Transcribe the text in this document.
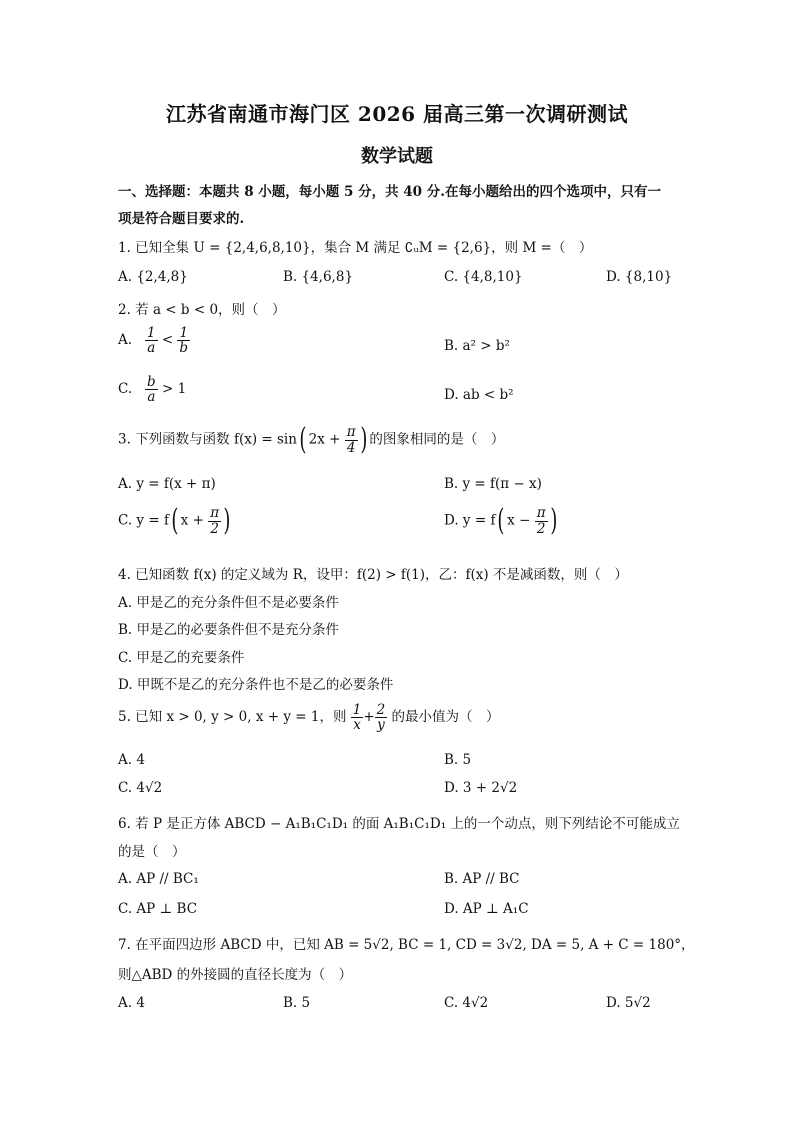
江苏省南通市海门区 2026 届高三第一次调研测试
数学试题
一、选择题：本题共 8 小题，每小题 5 分，共 40 分.在每小题给出的四个选项中，只有一
项是符合题目要求的.
1. 已知全集 U = {2,4,6,8,10}，集合 M 满足 ∁ᵤM = {2,6}，则 M =（　）
A. {2,4,8}	B. {4,6,8}	C. {4,8,10}	D. {8,10}
2. 若 a < b < 0，则（　）
A. $\frac{1}{a} < \frac{1}{b}$	B. a² > b²
C. $\frac{b}{a} > 1$	D. ab < b²
3. 下列函数与函数 f(x) = sin( $2x + \frac{\pi}{4}$ ) 的图象相同的是（　）
A. y = f(x + π)	B. y = f(π − x)
C. y = f( $x + \frac{\pi}{2}$ )	D. y = f( $x - \frac{\pi}{2}$ )
4. 已知函数 f(x) 的定义域为 R，设甲：f(2) > f(1)，乙：f(x) 不是减函数，则（　）
A. 甲是乙的充分条件但不是必要条件
B. 甲是乙的必要条件但不是充分条件
C. 甲是乙的充要条件
D. 甲既不是乙的充分条件也不是乙的必要条件
5. 已知 x > 0, y > 0, x + y = 1，则 $\frac{1}{x} + \frac{2}{y}$ 的最小值为（　）
A. 4	B. 5
C. 4√2	D. 3 + 2√2
6. 若 P 是正方体 ABCD − A₁B₁C₁D₁ 的面 A₁B₁C₁D₁ 上的一个动点，则下列结论不可能成立
的是（　）
A. AP // BC₁	B. AP // BC
C. AP ⊥ BC	D. AP ⊥ A₁C
7. 在平面四边形 ABCD 中，已知 AB = 5√2, BC = 1, CD = 3√2, DA = 5, A + C = 180°，
则△ABD 的外接圆的直径长度为（　）
A. 4	B. 5	C. 4√2	D. 5√2
